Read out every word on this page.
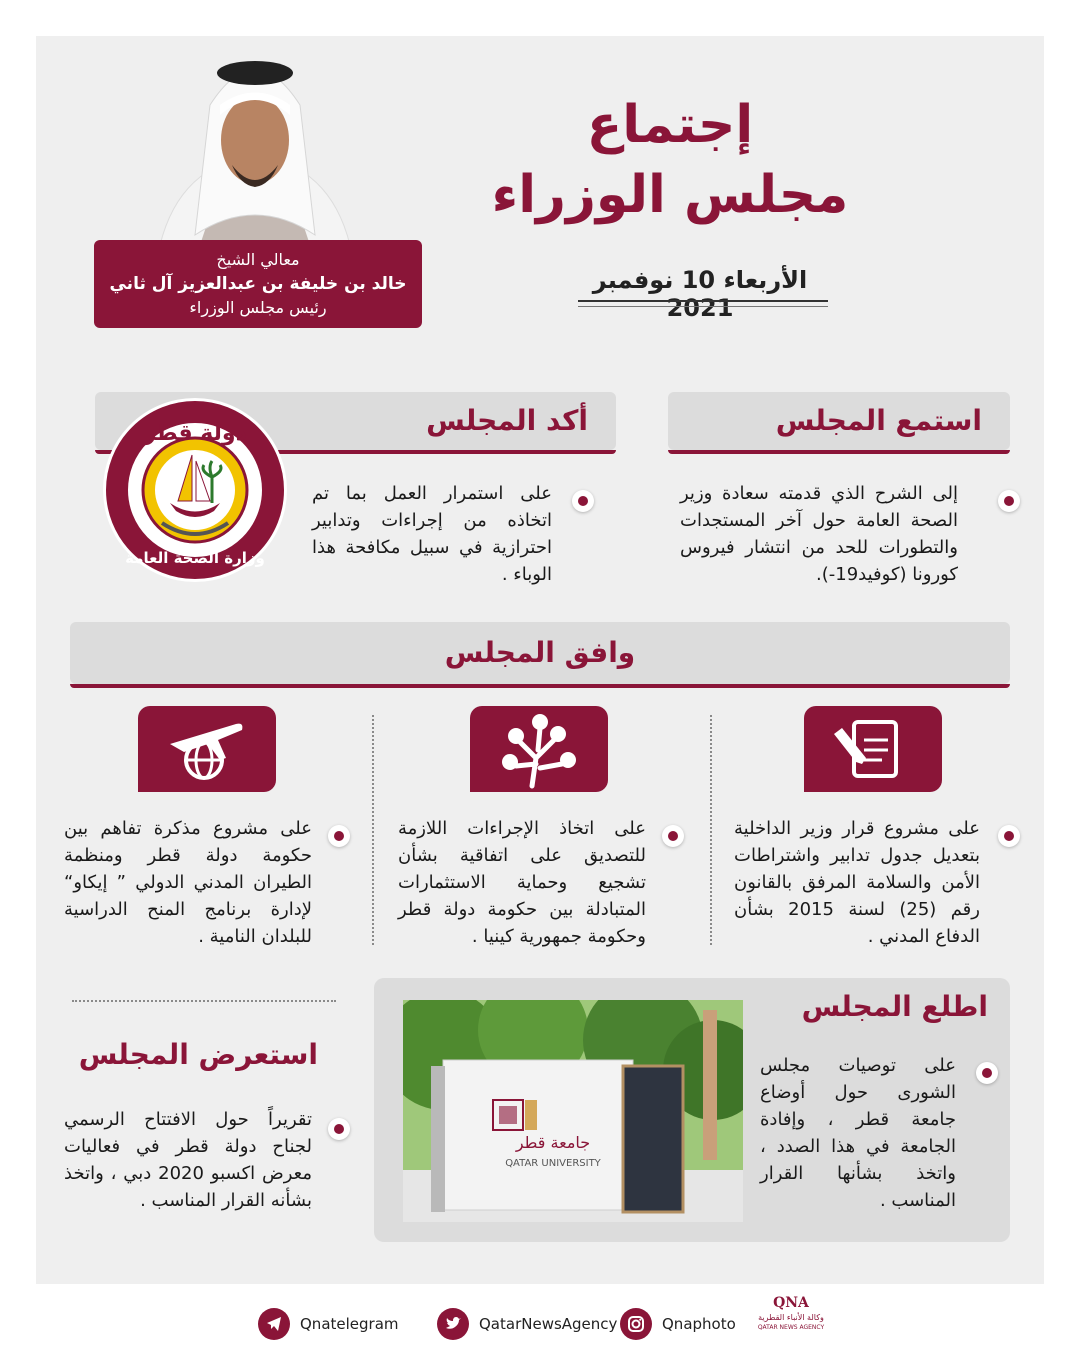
معالي الشيخ
خالد بن خليفة بن عبدالعزيز آل ثاني
رئيس مجلس الوزراء
إجتماع
مجلس الوزراء
الأربعاء 10 نوفمبر 2021
استمع المجلس
إلى الشرح الذي قدمته سعادة وزير الصحة العامة حول آخر المستجدات والتطورات للحد من انتشار فيروس كورونا (كوفيد19-).
أكد المجلس
على استمرار العمل بما تم اتخاذه من إجراءات وتدابير احترازية في سبيل مكافحة هذا الوباء .
دولة قطر
وزارة الصحة العامة
وافق المجلس
على مشروع قرار وزير الداخلية بتعديل جدول تدابير واشتراطات الأمن والسلامة المرفق بالقانون رقم (25) لسنة 2015 بشأن الدفاع المدني .
على اتخاذ الإجراءات اللازمة للتصديق على اتفاقية بشأن تشجيع وحماية الاستثمارات المتبادلة بين حكومة دولة قطر وحكومة جمهورية كينيا .
على مشروع مذكرة تفاهم بين حكومة دولة قطر ومنظمة الطيران المدني الدولي ” إيكاو“ لإدارة برنامج المنح الدراسية للبلدان النامية .
اطلع المجلس
على توصيات مجلس الشورى حول أوضاع جامعة قطر ، وإفادة الجامعة في هذا الصدد ، واتخذ بشأنها القرار المناسب .
جامعة قطر
QATAR UNIVERSITY
استعرض المجلس
تقريراً حول الافتتاح الرسمي لجناح دولة قطر في فعاليات معرض اكسبو 2020 دبي ، واتخذ بشأنه القرار المناسب .
Qnatelegram	QatarNewsAgency	Qnaphoto
QNA
وكالة الأنباء القطرية
QATAR NEWS AGENCY
